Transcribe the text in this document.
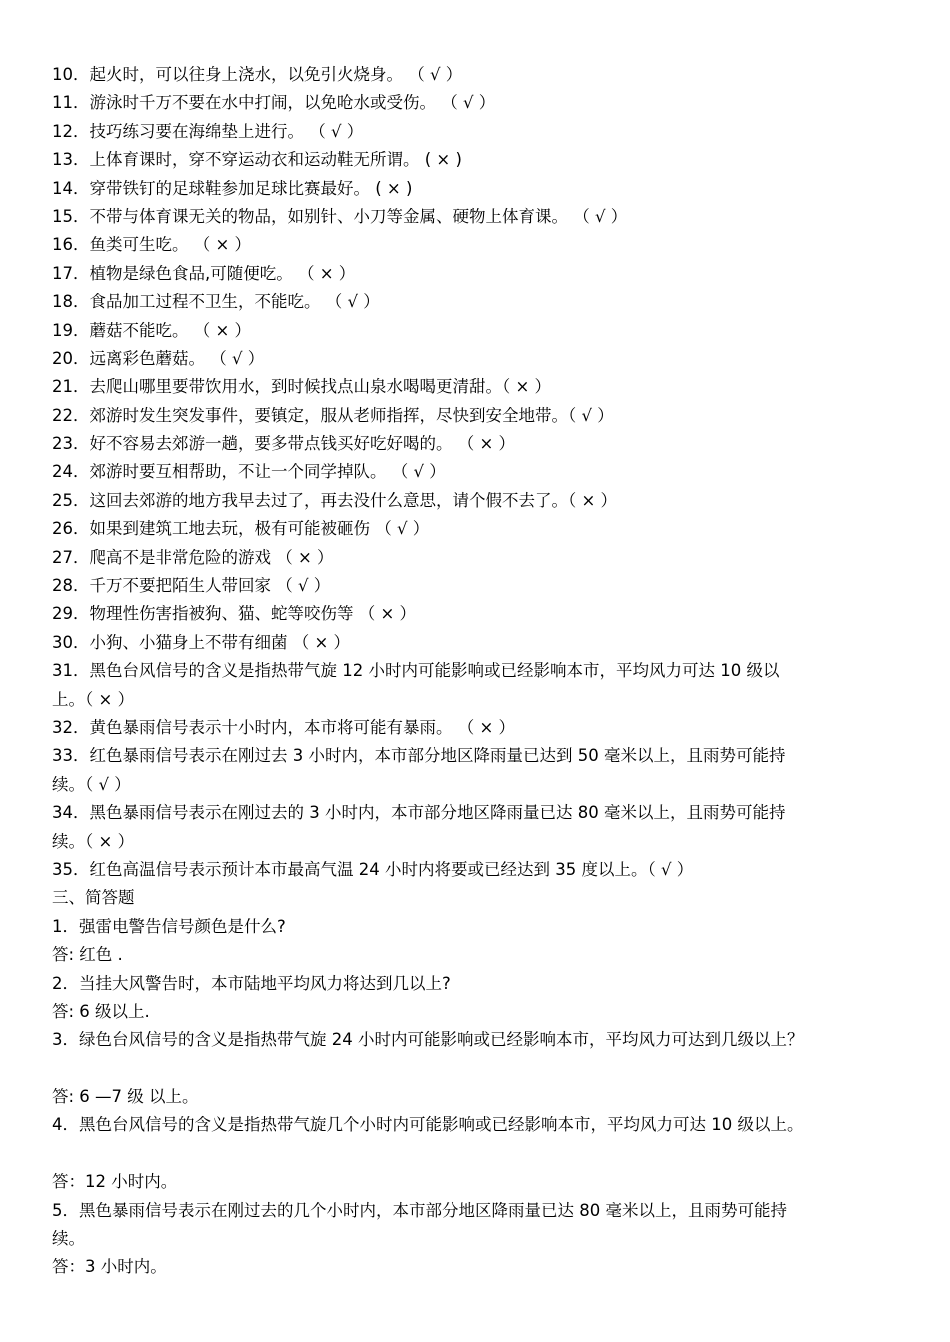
10．起火时，可以往身上浇水，以免引火烧身。 （ √ ）
11．游泳时千万不要在水中打闹，以免呛水或受伤。 （ √ ）
12．技巧练习要在海绵垫上进行。 （ √ ）
13．上体育课时，穿不穿运动衣和运动鞋无所谓。 ( × )
14．穿带铁钉的足球鞋参加足球比赛最好。 ( × )
15．不带与体育课无关的物品，如别针、小刀等金属、硬物上体育课。 （ √ ）
16．鱼类可生吃。 （ × ）
17．植物是绿色食品,可随便吃。 （ × ）
18．食品加工过程不卫生，不能吃。 （ √ ）
19．蘑菇不能吃。 （ × ）
20．远离彩色蘑菇。 （ √ ）
21．去爬山哪里要带饮用水，到时候找点山泉水喝喝更清甜。（ × ）
22．郊游时发生突发事件，要镇定，服从老师指挥，尽快到安全地带。（ √ ）
23．好不容易去郊游一趟，要多带点钱买好吃好喝的。 （ × ）
24．郊游时要互相帮助，不让一个同学掉队。 （ √ ）
25．这回去郊游的地方我早去过了，再去没什么意思，请个假不去了。（ × ）
26．如果到建筑工地去玩，极有可能被砸伤 （ √ ）
27．爬高不是非常危险的游戏 （ × ）
28．千万不要把陌生人带回家 （ √ ）
29．物理性伤害指被狗、猫、蛇等咬伤等 （ × ）
30．小狗、小猫身上不带有细菌 （ × ）
31．黑色台风信号的含义是指热带气旋 12 小时内可能影响或已经影响本市，平均风力可达 10 级以
上。（ × ）
32．黄色暴雨信号表示十小时内，本市将可能有暴雨。 （ × ）
33．红色暴雨信号表示在刚过去 3 小时内，本市部分地区降雨量已达到 50 毫米以上，且雨势可能持
续。（ √ ）
34．黑色暴雨信号表示在刚过去的 3 小时内，本市部分地区降雨量已达 80 毫米以上，且雨势可能持
续。（ × ）
35．红色高温信号表示预计本市最高气温 24 小时内将要或已经达到 35 度以上。（ √ ）
三、简答题
1．强雷电警告信号颜色是什么?
答: 红色 .
2．当挂大风警告时，本市陆地平均风力将达到几以上?
答: 6 级以上.
3．绿色台风信号的含义是指热带气旋 24 小时内可能影响或已经影响本市，平均风力可达到几级以上？
答: 6 —7 级 以上。
4．黑色台风信号的含义是指热带气旋几个小时内可能影响或已经影响本市，平均风力可达 10 级以上。
答：12 小时内。
5．黑色暴雨信号表示在刚过去的几个小时内，本市部分地区降雨量已达 80 毫米以上，且雨势可能持
续。
答：3 小时内。
